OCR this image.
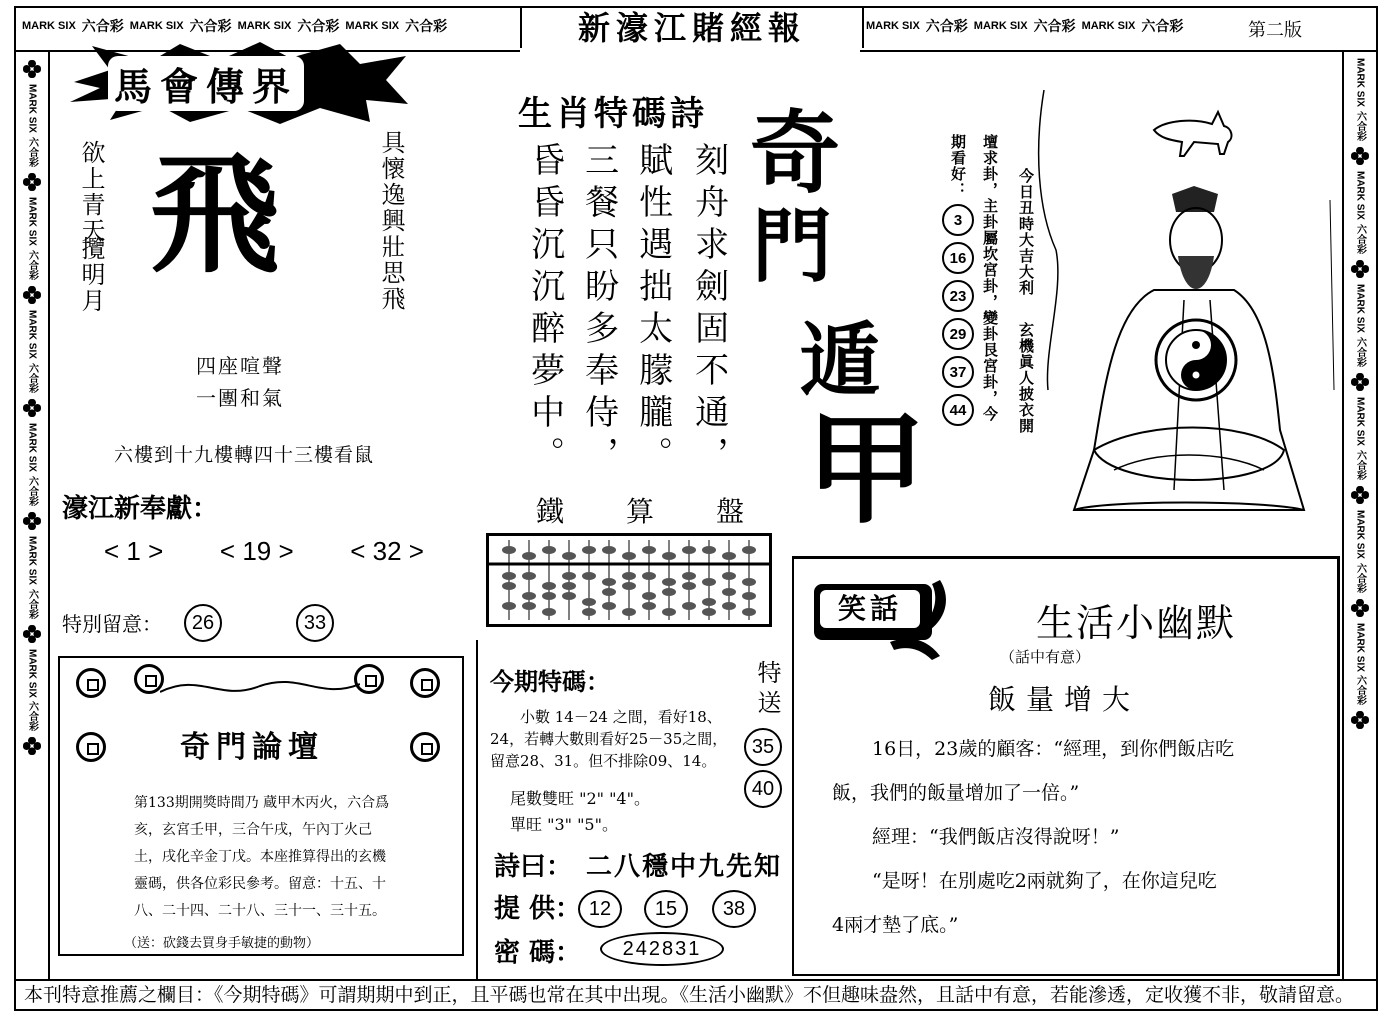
MARK SIX 六合彩 MARK SIX 六合彩 MARK SIX 六合彩 MARK SIX 六合彩	新濠江賭經報	MARK SIX 六合彩 MARK SIX 六合彩 MARK SIX 六合彩	第二版
MARK SIX
六合彩
MARK SIX
六合彩
MARK SIX
六合彩
MARK SIX
六合彩
MARK SIX
六合彩
MARK SIX
六合彩
MARK SIX
六合彩
MARK SIX
六合彩
MARK SIX
六合彩
MARK SIX
六合彩
MARK SIX
六合彩
MARK SIX
六合彩
馬會傳界
具懷逸興壯思飛
欲上青天
攬明月 飛
四座喧聲
一團和氣
六樓到十九樓轉四十三樓看鼠
濠江新奉獻：
< 1 > < 19 > < 32 >
特別留意：	26	33
奇門論壇
第133期開獎時間乃 蔵甲木丙火，六合爲亥，玄宮壬甲，三合午戌，午內丁火己土，戌化辛金丁戊。本座推算得出的玄機靈碼，供各位彩民參考。留意：十五、十八、二十四、二十八、三十一、三十五。
（送：砍錢去買身手敏捷的動物）
生肖特碼詩
刻舟求劍固不通，
賦性遇拙太朦朧。
三餐只盼多奉侍，
昏昏沉沉醉夢中。 奇
門
遁
甲
鐵算盤
今期特碼：
小數 14－24 之間，看好18、24，若轉大數則看好25－35之間，留意28、31。但不排除09、14。
尾數雙旺 "2" "4"。
單旺 "3" "5"。
特送
35
40
詩曰： 二八穩中九先知
提 供： 12	15	38
密 碼：	242831
今日丑時大吉大利
玄機眞人披衣開
壇求卦，主卦屬坎宮卦，變卦艮宮卦，今
期看好：
3
16
23
29
37
44
笑話	生活小幽默
（話中有意）
飯量增大
16日，23歲的顧客：“經理，到你們飯店吃
飯，我們的飯量增加了一倍。”
經理：“我們飯店沒得說呀！”
“是呀！在別處吃2兩就夠了，在你這兒吃
4兩才墊了底。”
本刊特意推薦之欄目：《今期特碼》可謂期期中到正，且平碼也常在其中出現。《生活小幽默》不但趣味盎然，且話中有意，若能滲透，定收獲不非，敬請留意。
